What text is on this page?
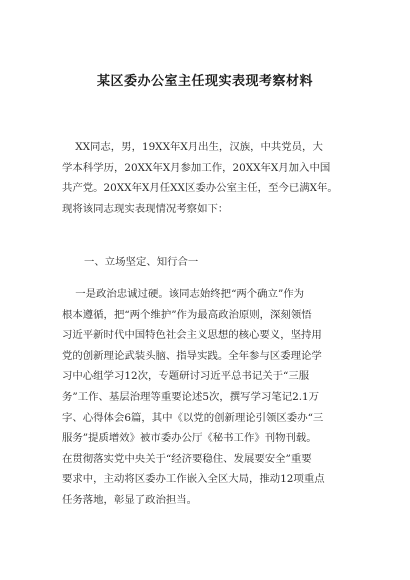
某区委办公室主任现实表现考察材料

XX同志，男，19XX年X月出生，汉族，中共党员，大

学本科学历，20XX年X月参加工作，20XX年X月加入中国

共产党。20XX年X月任XX区委办公室主任，至今已满X年。

现将该同志现实表现情况考察如下：

一、立场坚定、知行合一

一是政治忠诚过硬。该同志始终把“两个确立”作为

根本遵循，把“两个维护”作为最高政治原则，深刻领悟

习近平新时代中国特色社会主义思想的核心要义，坚持用

党的创新理论武装头脑、指导实践。全年参与区委理论学

习中心组学习12次，专题研讨习近平总书记关于“三服

务”工作、基层治理等重要论述5次，撰写学习笔记2.1万

字、心得体会6篇，其中《以党的创新理论引领区委办“三

服务”提质增效》被市委办公厅《秘书工作》刊物刊载。

在贯彻落实党中央关于“经济要稳住、发展要安全”重要

要求中，主动将区委办工作嵌入全区大局，推动12项重点

任务落地，彰显了政治担当。
